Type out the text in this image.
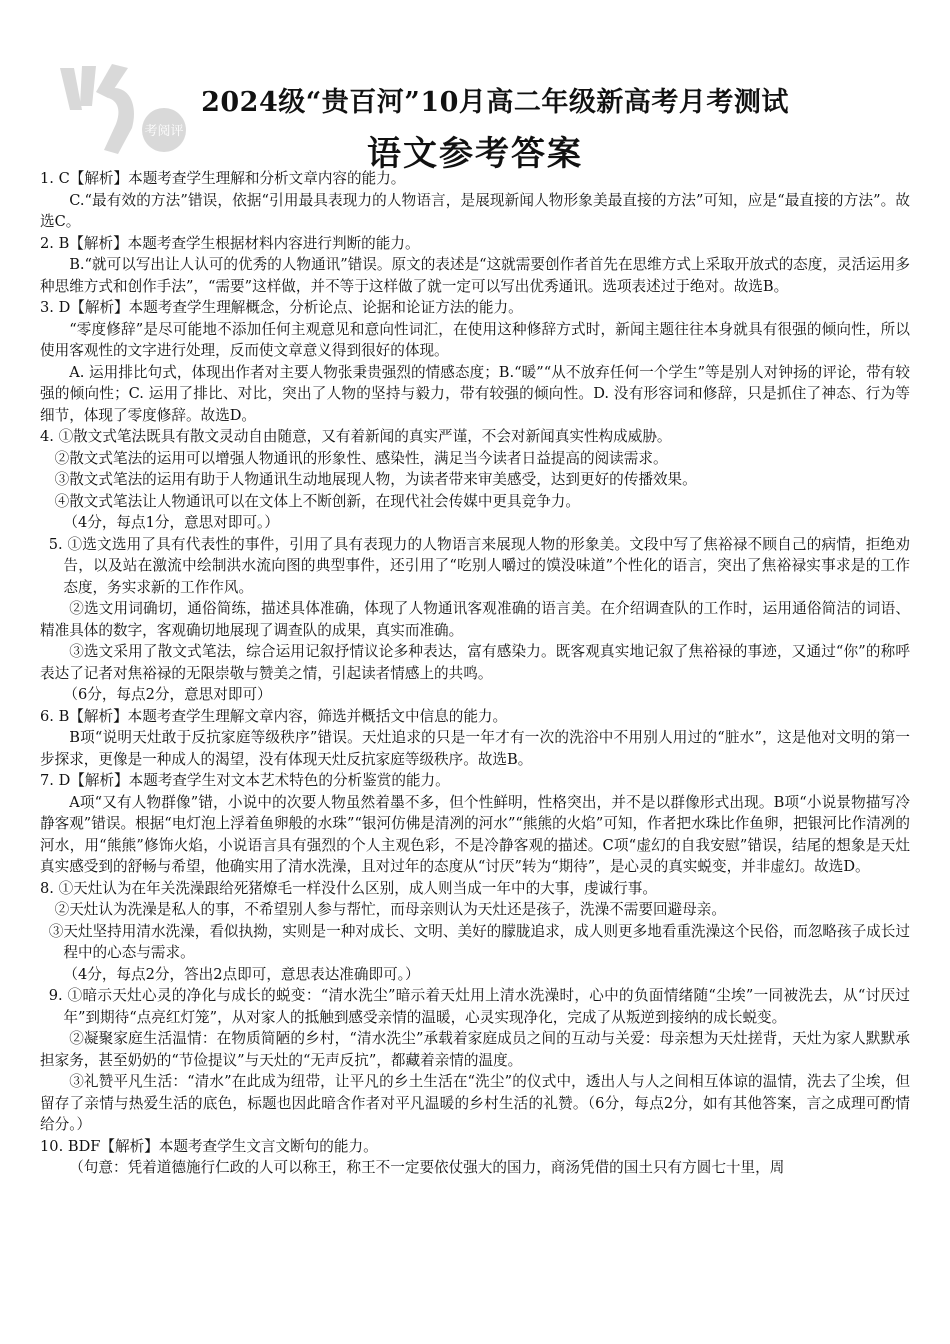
考阅评
2024级“贵百河”10月高二年级新高考月考测试
语文参考答案

1. C【解析】本题考查学生理解和分析文章内容的能力。

C.“最有效的方法”错误，依据“引用最具表现力的人物语言，是展现新闻人物形象美最直接的方法”可知，应是“最直接的方法”。故选C。

2. B【解析】本题考查学生根据材料内容进行判断的能力。

B.“就可以写出让人认可的优秀的人物通讯”错误。原文的表述是“这就需要创作者首先在思维方式上采取开放式的态度，灵活运用多种思维方式和创作手法”，“需要”这样做，并不等于这样做了就一定可以写出优秀通讯。选项表述过于绝对。故选B。

3. D【解析】本题考查学生理解概念，分析论点、论据和论证方法的能力。

“零度修辞”是尽可能地不添加任何主观意见和意向性词汇，在使用这种修辞方式时，新闻主题往往本身就具有很强的倾向性，所以使用客观性的文字进行处理，反而使文章意义得到很好的体现。

A. 运用排比句式，体现出作者对主要人物张秉贵强烈的情感态度；B.“暖”“从不放弃任何一个学生”等是别人对钟扬的评论，带有较强的倾向性；C. 运用了排比、对比，突出了人物的坚持与毅力，带有较强的倾向性。D. 没有形容词和修辞，只是抓住了神态、行为等细节，体现了零度修辞。故选D。

4. ①散文式笔法既具有散文灵动自由随意，又有着新闻的真实严谨，不会对新闻真实性构成威胁。

②散文式笔法的运用可以增强人物通讯的形象性、感染性，满足当今读者日益提高的阅读需求。

③散文式笔法的运用有助于人物通讯生动地展现人物，为读者带来审美感受，达到更好的传播效果。

④散文式笔法让人物通讯可以在文体上不断创新，在现代社会传媒中更具竞争力。

（4分，每点1分，意思对即可。）

5. ①选文选用了具有代表性的事件，引用了具有表现力的人物语言来展现人物的形象美。文段中写了焦裕禄不顾自己的病情，拒绝劝告，以及站在激流中绘制洪水流向图的典型事件，还引用了“吃别人嚼过的馍没味道”个性化的语言，突出了焦裕禄实事求是的工作态度，务实求新的工作作风。

②选文用词确切，通俗简练，描述具体准确，体现了人物通讯客观准确的语言美。在介绍调查队的工作时，运用通俗简洁的词语、精准具体的数字，客观确切地展现了调查队的成果，真实而准确。

③选文采用了散文式笔法，综合运用记叙抒情议论多种表达，富有感染力。既客观真实地记叙了焦裕禄的事迹，又通过“你”的称呼表达了记者对焦裕禄的无限崇敬与赞美之情，引起读者情感上的共鸣。

（6分，每点2分，意思对即可）

6. B【解析】本题考查学生理解文章内容，筛选并概括文中信息的能力。

B项“说明天灶敢于反抗家庭等级秩序”错误。天灶追求的只是一年才有一次的洗浴中不用别人用过的“脏水”，这是他对文明的第一步探求，更像是一种成人的渴望，没有体现天灶反抗家庭等级秩序。故选B。

7. D【解析】本题考查学生对文本艺术特色的分析鉴赏的能力。

A项“又有人物群像”错，小说中的次要人物虽然着墨不多，但个性鲜明，性格突出，并不是以群像形式出现。B项“小说景物描写冷静客观”错误。根据“电灯泡上浮着鱼卵般的水珠”“银河仿佛是清冽的河水”“熊熊的火焰”可知，作者把水珠比作鱼卵，把银河比作清冽的河水，用“熊熊”修饰火焰，小说语言具有强烈的个人主观色彩，不是冷静客观的描述。C项“虚幻的自我安慰”错误，结尾的想象是天灶真实感受到的舒畅与希望，他确实用了清水洗澡，且对过年的态度从“讨厌”转为“期待”，是心灵的真实蜕变，并非虚幻。故选D。

8. ①天灶认为在年关洗澡跟给死猪燎毛一样没什么区别，成人则当成一年中的大事，虔诚行事。

②天灶认为洗澡是私人的事，不希望别人参与帮忙，而母亲则认为天灶还是孩子，洗澡不需要回避母亲。

③天灶坚持用清水洗澡，看似执拗，实则是一种对成长、文明、美好的朦胧追求，成人则更多地看重洗澡这个民俗，而忽略孩子成长过程中的心态与需求。

（4分，每点2分，答出2点即可，意思表达准确即可。）

9. ①暗示天灶心灵的净化与成长的蜕变：“清水洗尘”暗示着天灶用上清水洗澡时，心中的负面情绪随“尘埃”一同被洗去，从“讨厌过年”到期待“点亮红灯笼”，从对家人的抵触到感受亲情的温暖，心灵实现净化，完成了从叛逆到接纳的成长蜕变。

②凝聚家庭生活温情：在物质简陋的乡村，“清水洗尘”承载着家庭成员之间的互动与关爱：母亲想为天灶搓背，天灶为家人默默承担家务，甚至奶奶的“节俭提议”与天灶的“无声反抗”，都藏着亲情的温度。

③礼赞平凡生活：“清水”在此成为纽带，让平凡的乡土生活在“洗尘”的仪式中，透出人与人之间相互体谅的温情，洗去了尘埃，但留存了亲情与热爱生活的底色，标题也因此暗含作者对平凡温暖的乡村生活的礼赞。（6分，每点2分，如有其他答案，言之成理可酌情给分。）

10. BDF【解析】本题考查学生文言文断句的能力。

（句意：凭着道德施行仁政的人可以称王，称王不一定要依仗强大的国力，商汤凭借的国土只有方圆七十里，周
